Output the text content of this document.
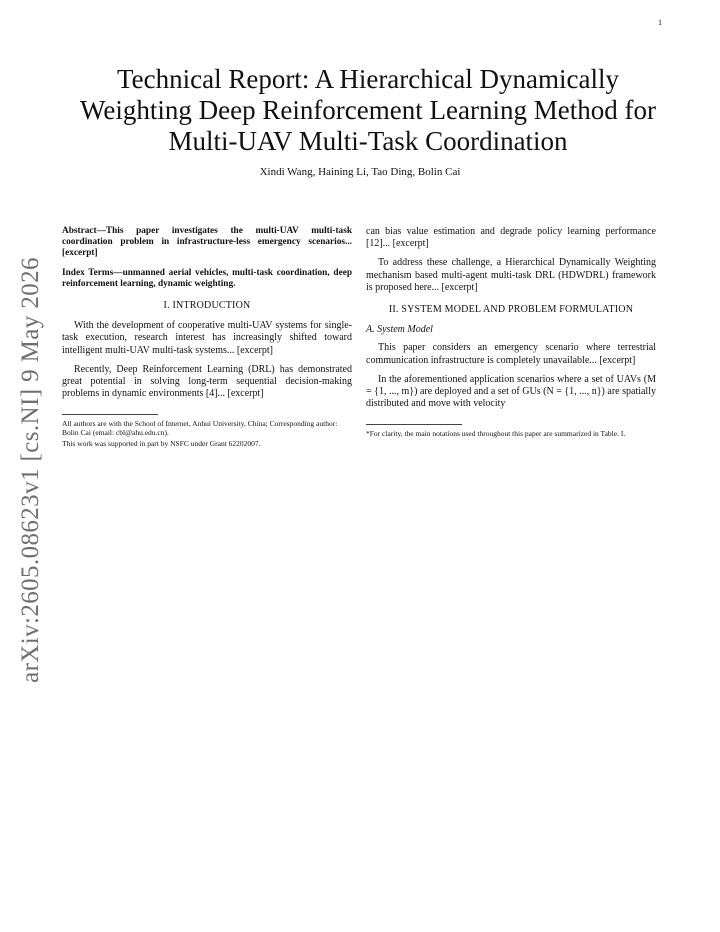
1
arXiv:2605.08623v1 [cs.NI] 9 May 2026
Technical Report: A Hierarchical Dynamically Weighting Deep Reinforcement Learning Method for Multi-UAV Multi-Task Coordination
Xindi Wang, Haining Li, Tao Ding, Bolin Cai
Abstract—This paper investigates the multi-UAV multi-task coordination problem in infrastructure-less emergency scenarios... [excerpt]
Index Terms—unmanned aerial vehicles, multi-task coordination, deep reinforcement learning, dynamic weighting.
I. INTRODUCTION

With the development of cooperative multi-UAV systems for single-task execution, research interest has increasingly shifted toward intelligent multi-UAV multi-task systems... [excerpt]

Recently, Deep Reinforcement Learning (DRL) has demonstrated great potential in solving long-term sequential decision-making problems in dynamic environments [4]... [excerpt]

All authors are with the School of Internet, Anhui University, China; Corresponding author: Bolin Cai (email: cbl@ahu.edu.cn).
This work was supported in part by NSFC under Grant 62202007.

can bias value estimation and degrade policy learning performance [12]... [excerpt]

To address these challenge, a Hierarchical Dynamically Weighting mechanism based multi-agent multi-task DRL (HDWDRL) framework is proposed here... [excerpt]

II. SYSTEM MODEL AND PROBLEM FORMULATION
A. System Model

This paper considers an emergency scenario where terrestrial communication infrastructure is completely unavailable... [excerpt]

In the aforementioned application scenarios where a set of UAVs (M = {1, ..., m}) are deployed and a set of GUs (N = {1, ..., n}) are spatially distributed and move with velocity

*For clarity, the main notations used throughout this paper are summarized in Table. I.
